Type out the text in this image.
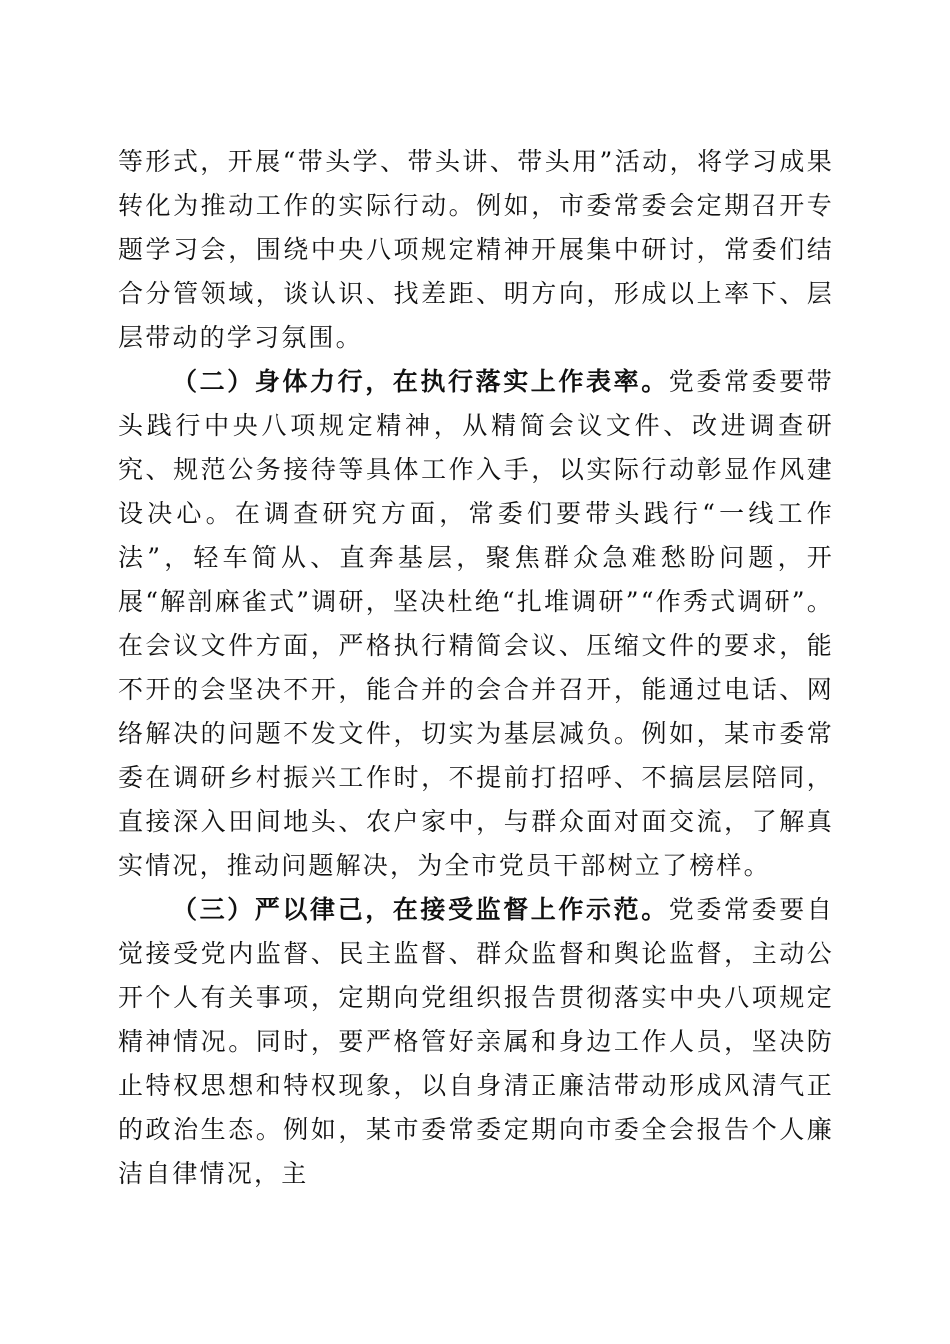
等形式，开展“带头学、带头讲、带头用”活动，将学习成果转化为推动工作的实际行动。例如，市委常委会定期召开专题学习会，围绕中央八项规定精神开展集中研讨，常委们结合分管领域，谈认识、找差距、明方向，形成以上率下、层层带动的学习氛围。

（二）身体力行，在执行落实上作表率。党委常委要带头践行中央八项规定精神，从精简会议文件、改进调查研究、规范公务接待等具体工作入手，以实际行动彰显作风建设决心。在调查研究方面，常委们要带头践行“一线工作法”，轻车简从、直奔基层，聚焦群众急难愁盼问题，开展“解剖麻雀式”调研，坚决杜绝“扎堆调研”“作秀式调研”。在会议文件方面，严格执行精简会议、压缩文件的要求，能不开的会坚决不开，能合并的会合并召开，能通过电话、网络解决的问题不发文件，切实为基层减负。例如，某市委常委在调研乡村振兴工作时，不提前打招呼、不搞层层陪同，直接深入田间地头、农户家中，与群众面对面交流，了解真实情况，推动问题解决，为全市党员干部树立了榜样。

（三）严以律己，在接受监督上作示范。党委常委要自觉接受党内监督、民主监督、群众监督和舆论监督，主动公开个人有关事项，定期向党组织报告贯彻落实中央八项规定精神情况。同时，要严格管好亲属和身边工作人员，坚决防止特权思想和特权现象，以自身清正廉洁带动形成风清气正的政治生态。例如，某市委常委定期向市委全会报告个人廉洁自律情况，主
